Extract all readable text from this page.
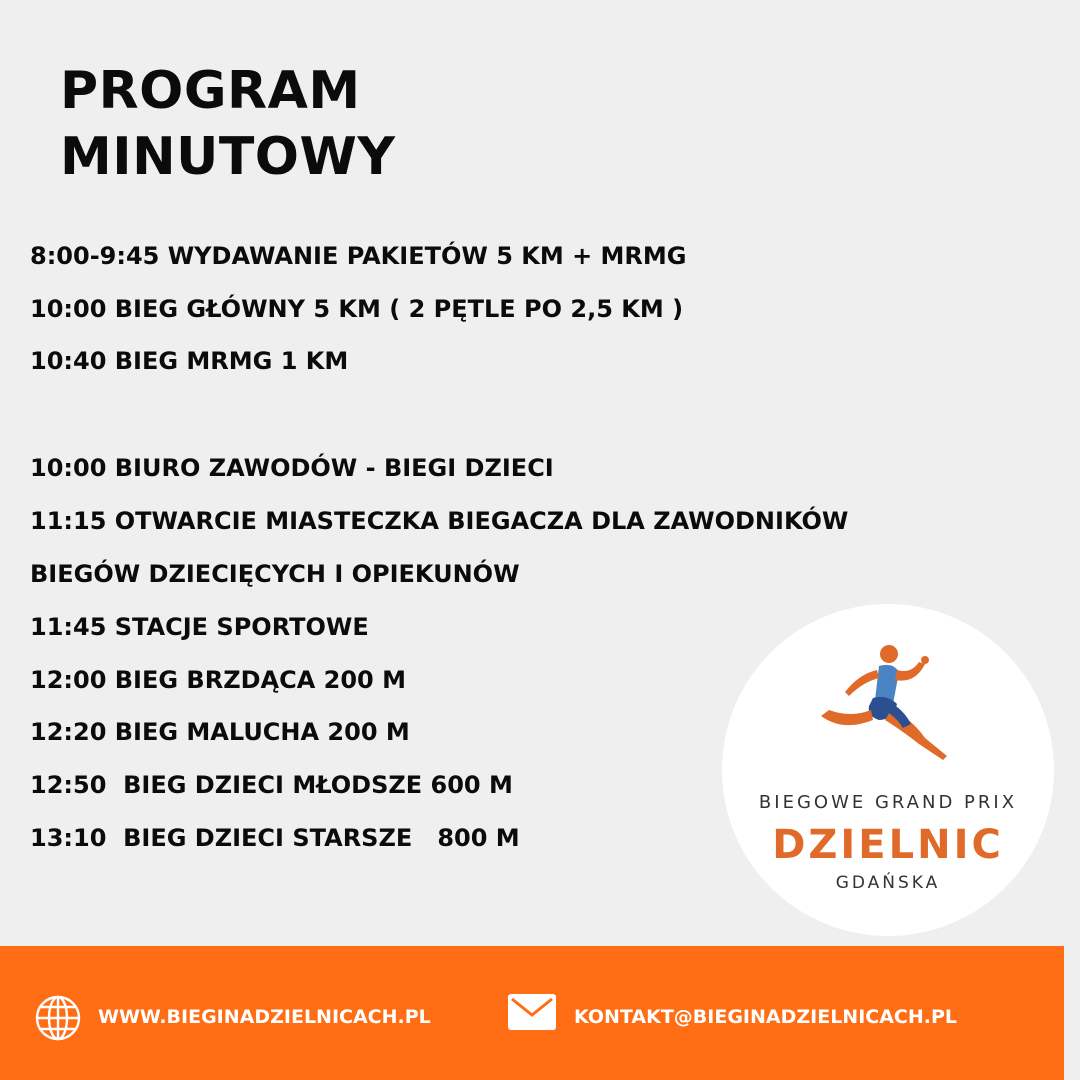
PROGRAM
MINUTOWY
8:00-9:45 WYDAWANIE PAKIETÓW 5 KM + MRMG
10:00 BIEG GŁÓWNY 5 KM ( 2 PĘTLE PO 2,5 KM )
10:40 BIEG MRMG 1 KM
10:00 BIURO ZAWODÓW - BIEGI DZIECI
11:15 OTWARCIE MIASTECZKA BIEGACZA DLA ZAWODNIKÓW
BIEGÓW DZIECIĘCYCH I OPIEKUNÓW
11:45 STACJE SPORTOWE
12:00 BIEG BRZDĄCA 200 M
12:20 BIEG MALUCHA 200 M
12:50  BIEG DZIECI MŁODSZE 600 M
13:10  BIEG DZIECI STARSZE   800 M
BIEGOWE GRAND PRIX
DZIELNIC
GDAŃSKA
WWW.BIEGINADZIELNICACH.PL	KONTAKT@BIEGINADZIELNICACH.PL
